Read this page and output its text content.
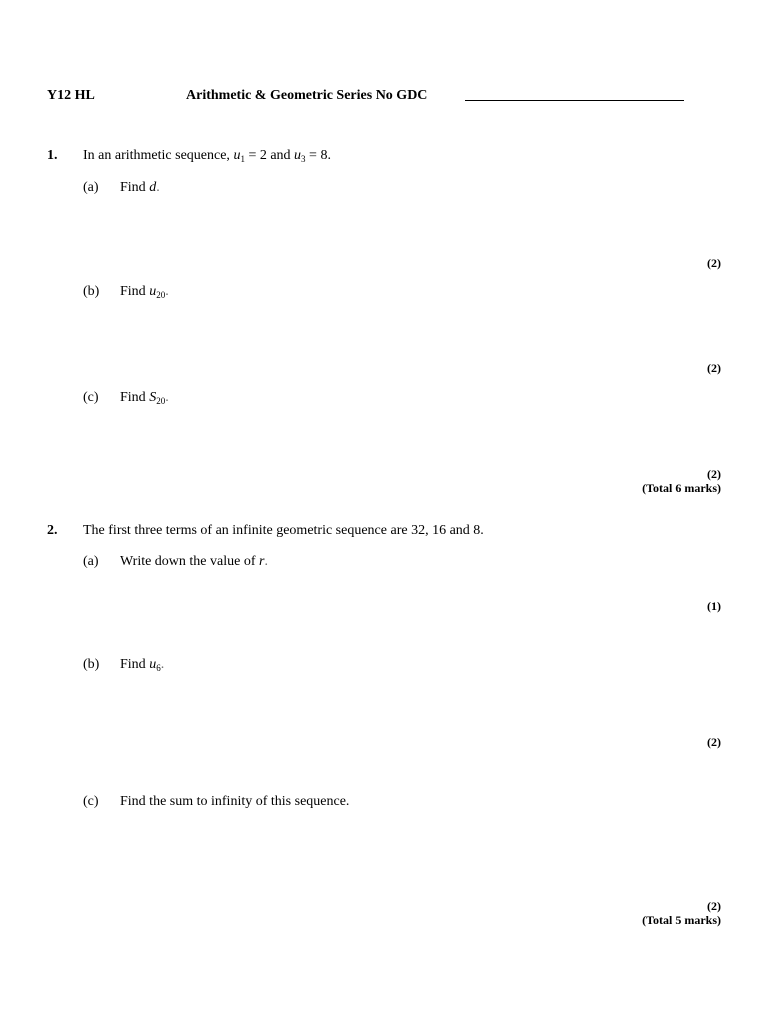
Y12 HL	Arithmetic & Geometric Series No GDC
1. In an arithmetic sequence, $u_1 = 2$ and $u_3 = 8$.
(a) Find d.
(2)
(b) Find $u_{20}$.
(2)
(c) Find $S_{20}$.
(2)
(Total 6 marks)
2. The first three terms of an infinite geometric sequence are 32, 16 and 8.
(a) Write down the value of r.
(1)
(b) Find $u_6$.
(2)
(c) Find the sum to infinity of this sequence.
(2)
(Total 5 marks)
